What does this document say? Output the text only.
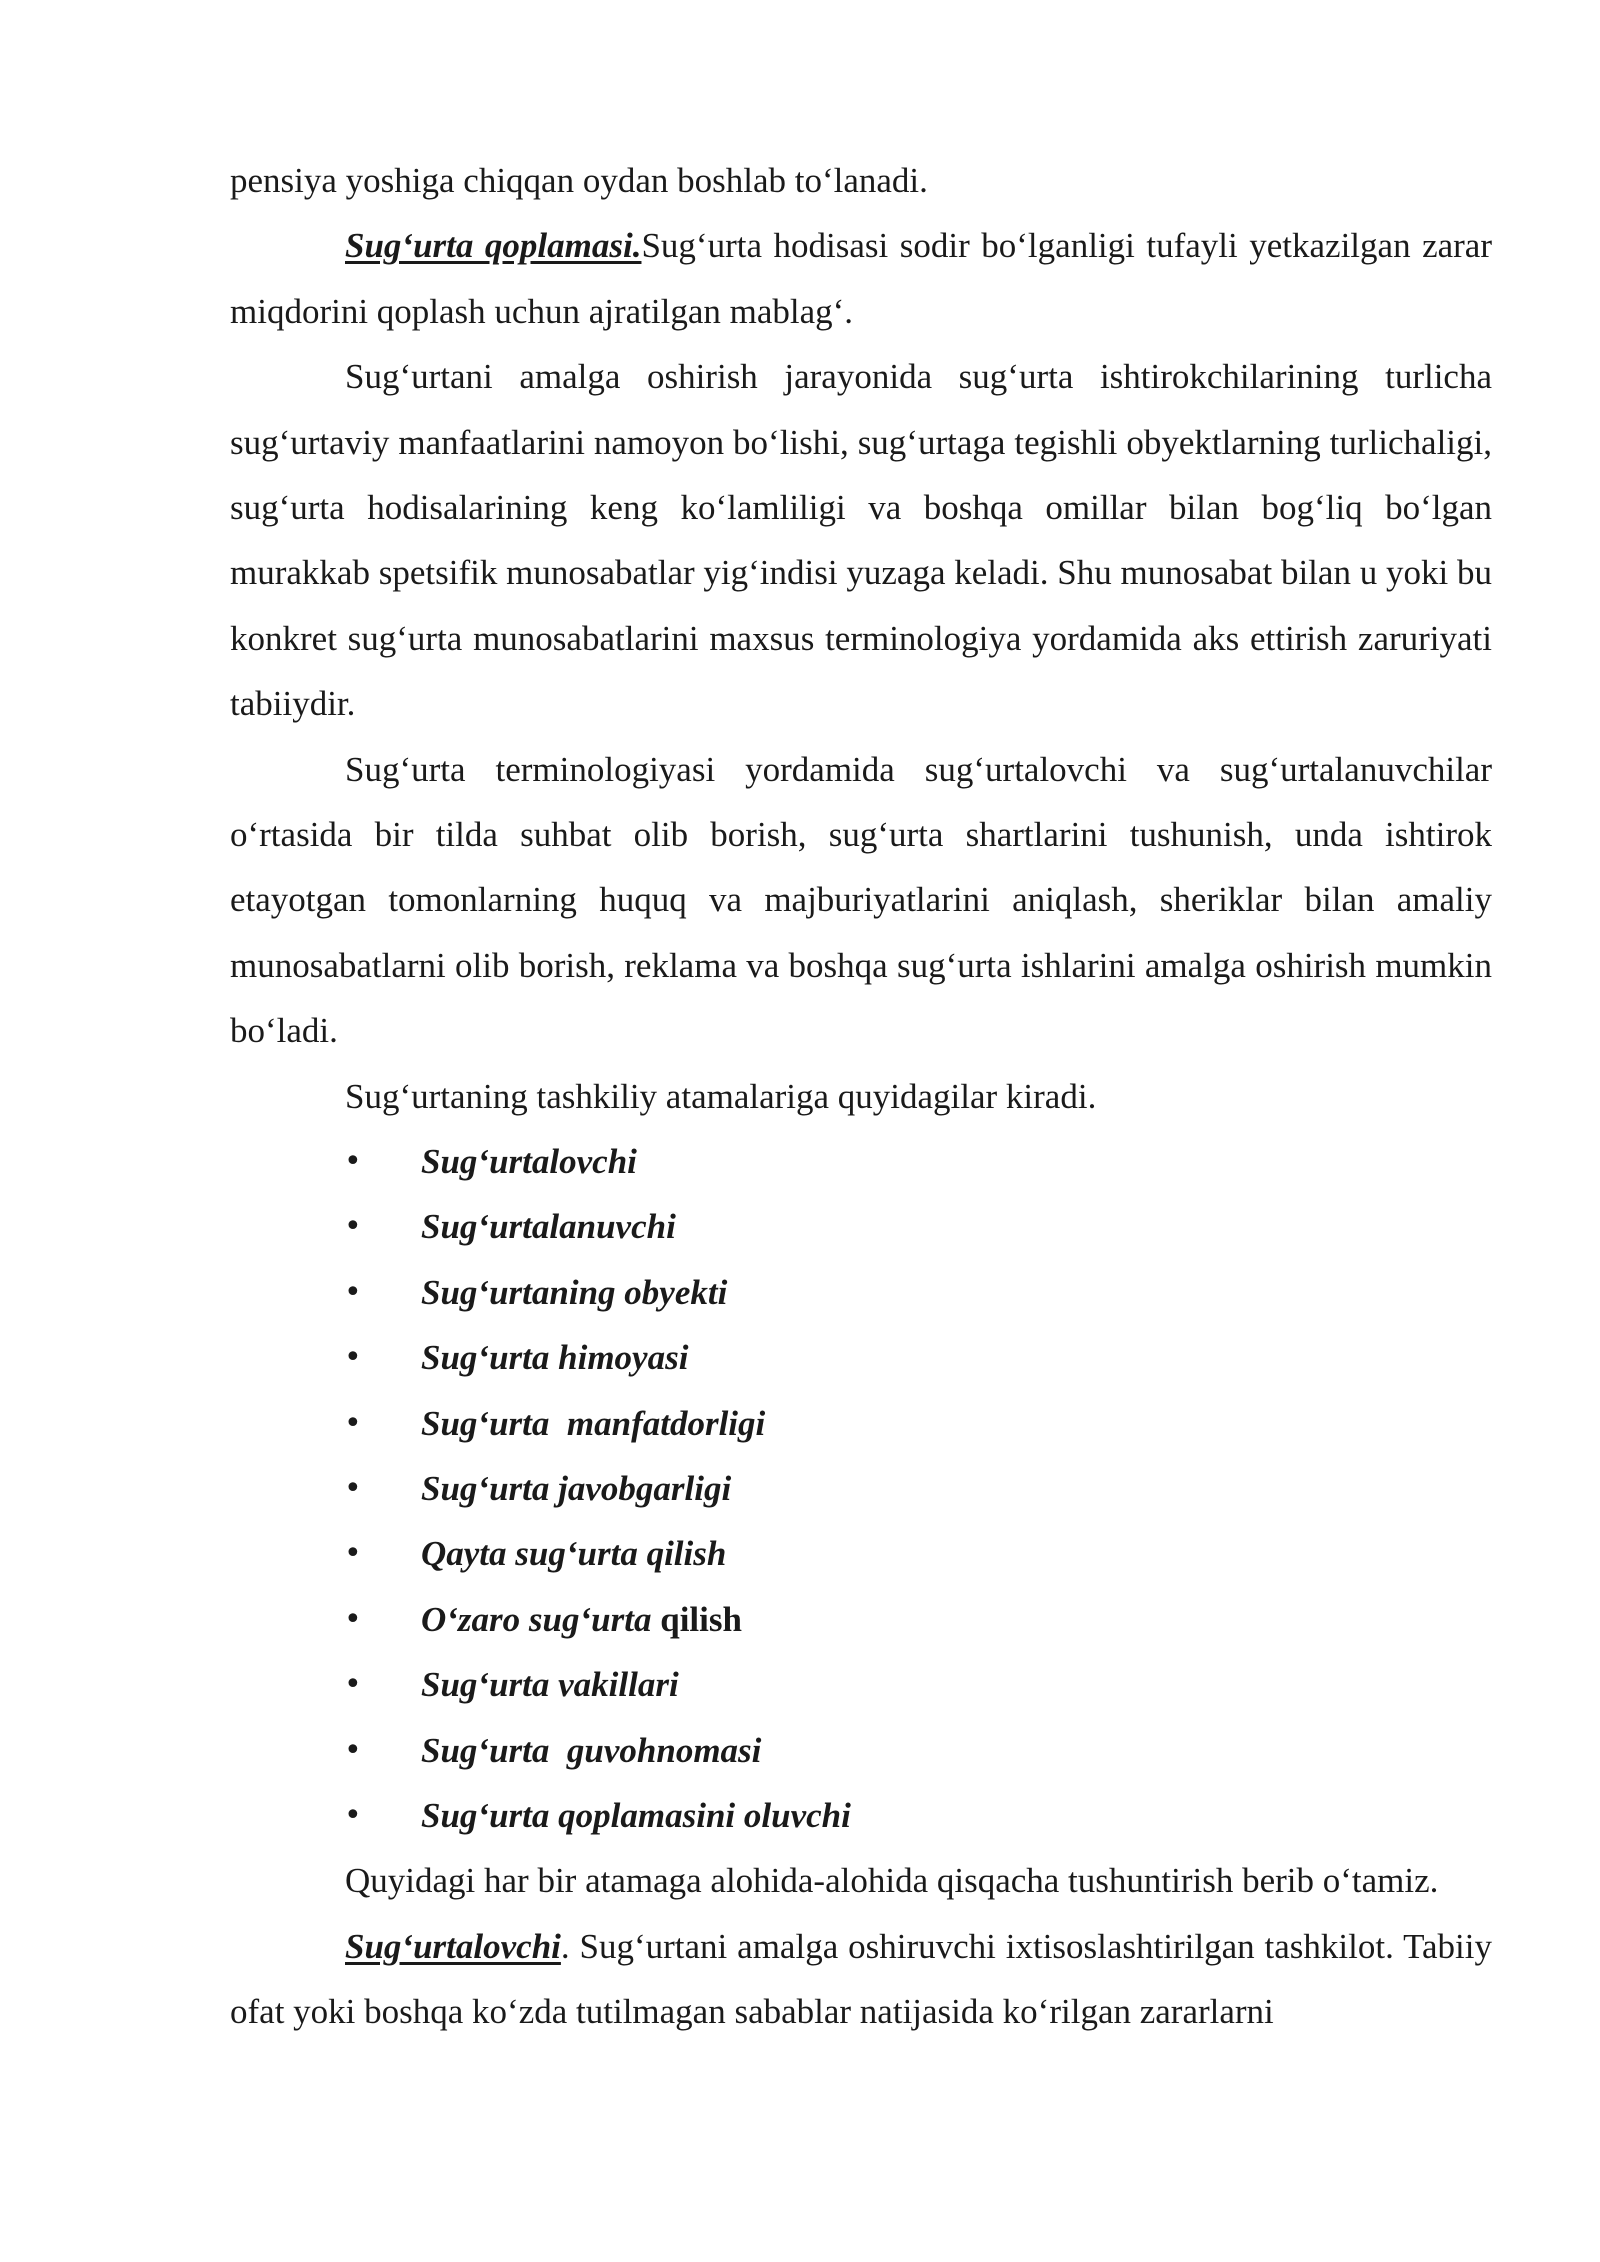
pensiya yoshiga chiqqan oydan boshlab to‘lanadi.

Sug‘urta qoplamasi.Sug‘urta hodisasi sodir bo‘lganligi tufayli yetkazilgan zarar miqdorini qoplash uchun ajratilgan mablag‘.

Sug‘urtani amalga oshirish jarayonida sug‘urta ishtirokchilarining turlicha sug‘urtaviy manfaatlarini namoyon bo‘lishi, sug‘urtaga tegishli obyektlarning turlichaligi, sug‘urta hodisalarining keng ko‘lamliligi va boshqa omillar bilan bog‘liq bo‘lgan murakkab spetsifik munosabatlar yig‘indisi yuzaga keladi. Shu munosabat bilan u yoki bu konkret sug‘urta munosabatlarini maxsus terminologiya yordamida aks ettirish zaruriyati tabiiydir.

Sug‘urta terminologiyasi yordamida sug‘urtalovchi va sug‘urtalanuvchilar o‘rtasida bir tilda suhbat olib borish, sug‘urta shartlarini tushunish, unda ishtirok etayotgan tomonlarning huquq va majburiyatlarini aniqlash, sheriklar bilan amaliy munosabatlarni olib borish, reklama va boshqa sug‘urta ishlarini amalga oshirish mumkin bo‘ladi.

Sug‘urtaning tashkiliy atamalariga quyidagilar kiradi.

• Sug‘urtalovchi
• Sug‘urtalanuvchi
• Sug‘urtaning obyekti
• Sug‘urta himoyasi
• Sug‘urta  manfatdorligi
• Sug‘urta javobgarligi
• Qayta sug‘urta qilish
• O‘zaro sug‘urta qilish
• Sug‘urta vakillari
• Sug‘urta  guvohnomasi
• Sug‘urta qoplamasini oluvchi

Quyidagi har bir atamaga alohida-alohida qisqacha tushuntirish berib o‘tamiz.

Sug‘urtalovchi. Sug‘urtani amalga oshiruvchi ixtisoslashtirilgan tashkilot. Tabiiy ofat yoki boshqa ko‘zda tutilmagan sabablar natijasida ko‘rilgan zararlarni
